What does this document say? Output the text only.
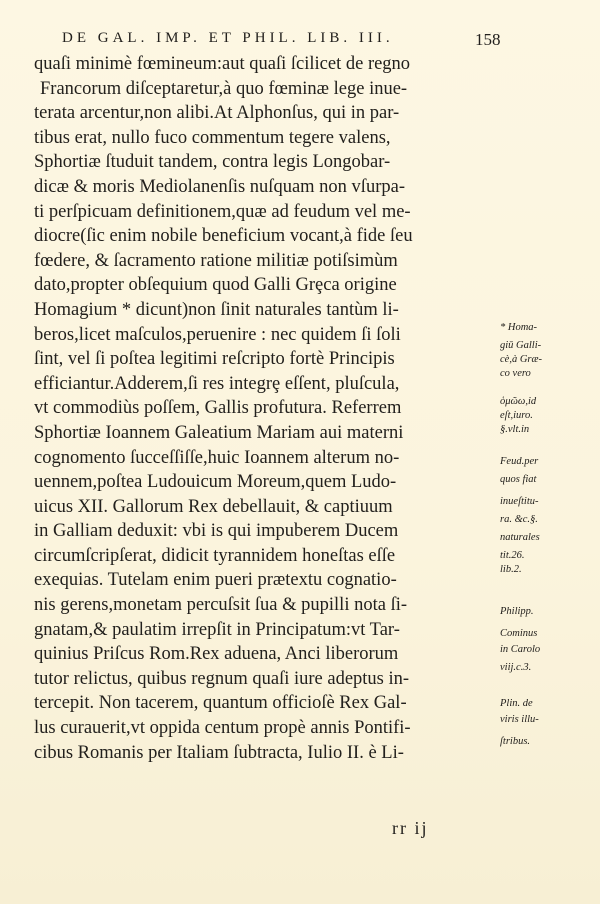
DE GAL. IMP. ET PHIL. LIB. III.	158
quaſi minimè fœmineum:aut quaſi ſcilicet de regno
Francorum diſceptaretur,à quo fœminæ lege inue-
terata arcentur,non alibi.At Alphonſus, qui in par-
tibus erat, nullo fuco commentum tegere valens,
Sphortiæ ſtuduit tandem, contra legis Longobar-
dicæ & moris Mediolanenſis nuſquam non vſurpa-
ti perſpicuam definitionem,quæ ad feudum vel me-
diocre(ſic enim nobile beneficium vocant,à fide ſeu
fœdere, & ſacramento ratione militiæ potiſsimùm
dato,propter obſequium quod Galli Grȩca origine
Homagium * dicunt)non ſinit naturales tantùm li-
beros,licet maſculos,peruenire : nec quidem ſi ſoli
ſint, vel ſi poſtea legitimi reſcripto fortè Principis
efficiantur.Adderem,ſi res integrȩ eſſent, pluſcula,
vt commodiùs poſſem, Gallis profutura. Referrem
Sphortiæ Ioannem Galeatium Mariam aui materni
cognomento ſucceſſiſſe,huic Ioannem alterum no-
uennem,poſtea Ludouicum Moreum,quem Ludo-
uicus XII. Gallorum Rex debellauit, & captiuum
in Galliam deduxit: vbi is qui impuberem Ducem
circumſcripſerat, didicit tyrannidem honeſtas eſſe
exequias. Tutelam enim pueri prætextu cognatio-
nis gerens,monetam percuſsit ſua & pupilli nota ſi-
gnatam,& paulatim irrepſit in Principatum:vt Tar-
quinius Priſcus Rom.Rex aduena, Anci liberorum
tutor relictus, quibus regnum quaſi iure adeptus in-
tercepit. Non tacerem, quantum officioſè Rex Gal-
lus curauerit,vt oppida centum propè annis Pontifi-
cibus Romanis per Italiam ſubtracta, Iulio II. è Li-
* Homa-
giū Galli-
cè,à Græ-
co vero
ὁμῶω,id
eſt,iuro.
§.vlt.in
Feud.per
quos fiat
inueſtitu-
ra. &c.§.
naturales
tit.26.
lib.2.
Philipp.
Cominus
in Carolo
viij.c.3.
Plin. de
viris illu-
ſtribus.
rr ij
